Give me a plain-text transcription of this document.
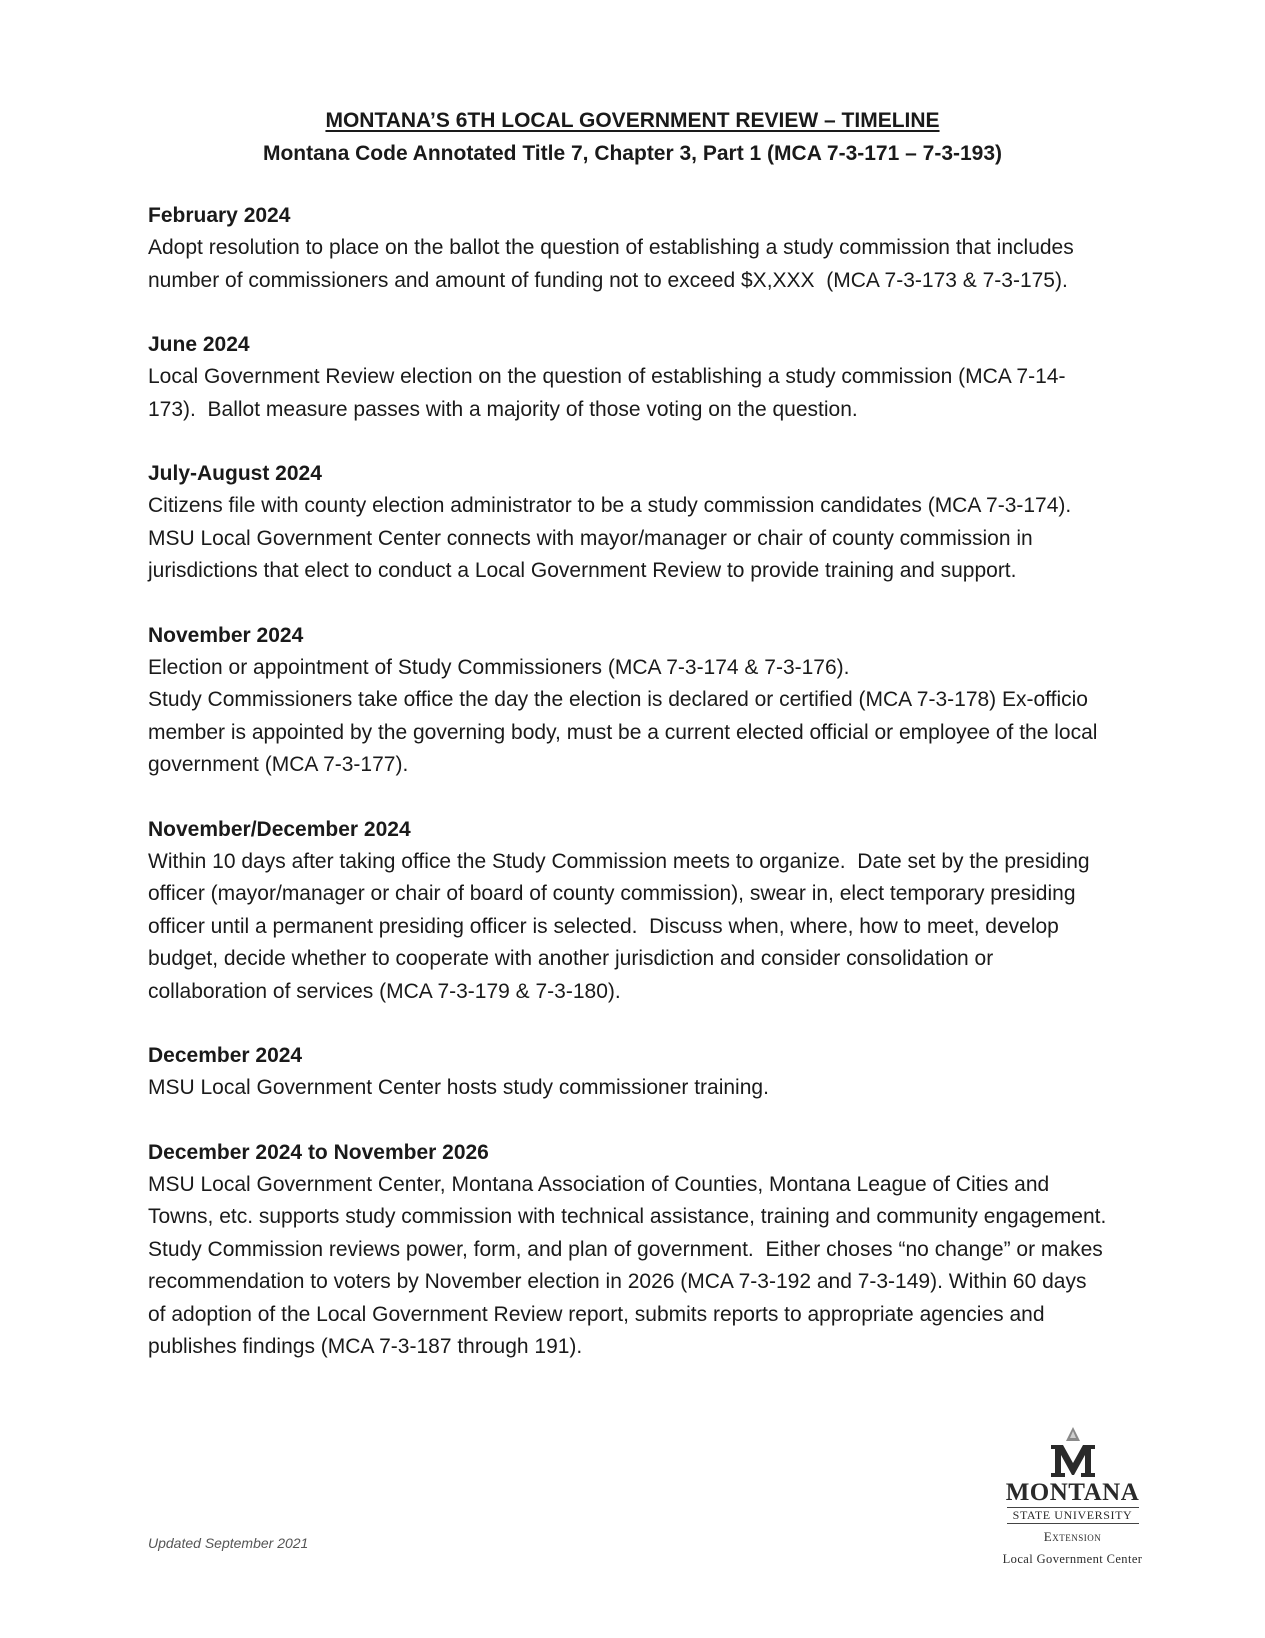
MONTANA’S 6TH LOCAL GOVERNMENT REVIEW – TIMELINE

Montana Code Annotated Title 7, Chapter 3, Part 1 (MCA 7-3-171 – 7-3-193)

February 2024

Adopt resolution to place on the ballot the question of establishing a study commission that includes number of commissioners and amount of funding not to exceed $X,XXX  (MCA 7-3-173 & 7-3-175).

June 2024

Local Government Review election on the question of establishing a study commission (MCA 7-14-173).  Ballot measure passes with a majority of those voting on the question.

July-August 2024

Citizens file with county election administrator to be a study commission candidates (MCA 7-3-174).  MSU Local Government Center connects with mayor/manager or chair of county commission in jurisdictions that elect to conduct a Local Government Review to provide training and support.

November 2024

Election or appointment of Study Commissioners (MCA 7-3-174 & 7-3-176).

Study Commissioners take office the day the election is declared or certified (MCA 7-3-178) Ex-officio member is appointed by the governing body, must be a current elected official or employee of the local government (MCA 7-3-177).

November/December 2024

Within 10 days after taking office the Study Commission meets to organize.  Date set by the presiding officer (mayor/manager or chair of board of county commission), swear in, elect temporary presiding officer until a permanent presiding officer is selected.  Discuss when, where, how to meet, develop budget, decide whether to cooperate with another jurisdiction and consider consolidation or collaboration of services (MCA 7-3-179 & 7-3-180).

December 2024

MSU Local Government Center hosts study commissioner training.

December 2024 to November 2026

MSU Local Government Center, Montana Association of Counties, Montana League of Cities and Towns, etc. supports study commission with technical assistance, training and community engagement.

Study Commission reviews power, form, and plan of government.  Either choses “no change” or makes recommendation to voters by November election in 2026 (MCA 7-3-192 and 7-3-149). Within 60 days of adoption of the Local Government Review report, submits reports to appropriate agencies and publishes findings (MCA 7-3-187 through 191).

Updated September 2021
MONTANA
STATE UNIVERSITY
Extension
Local Government Center
